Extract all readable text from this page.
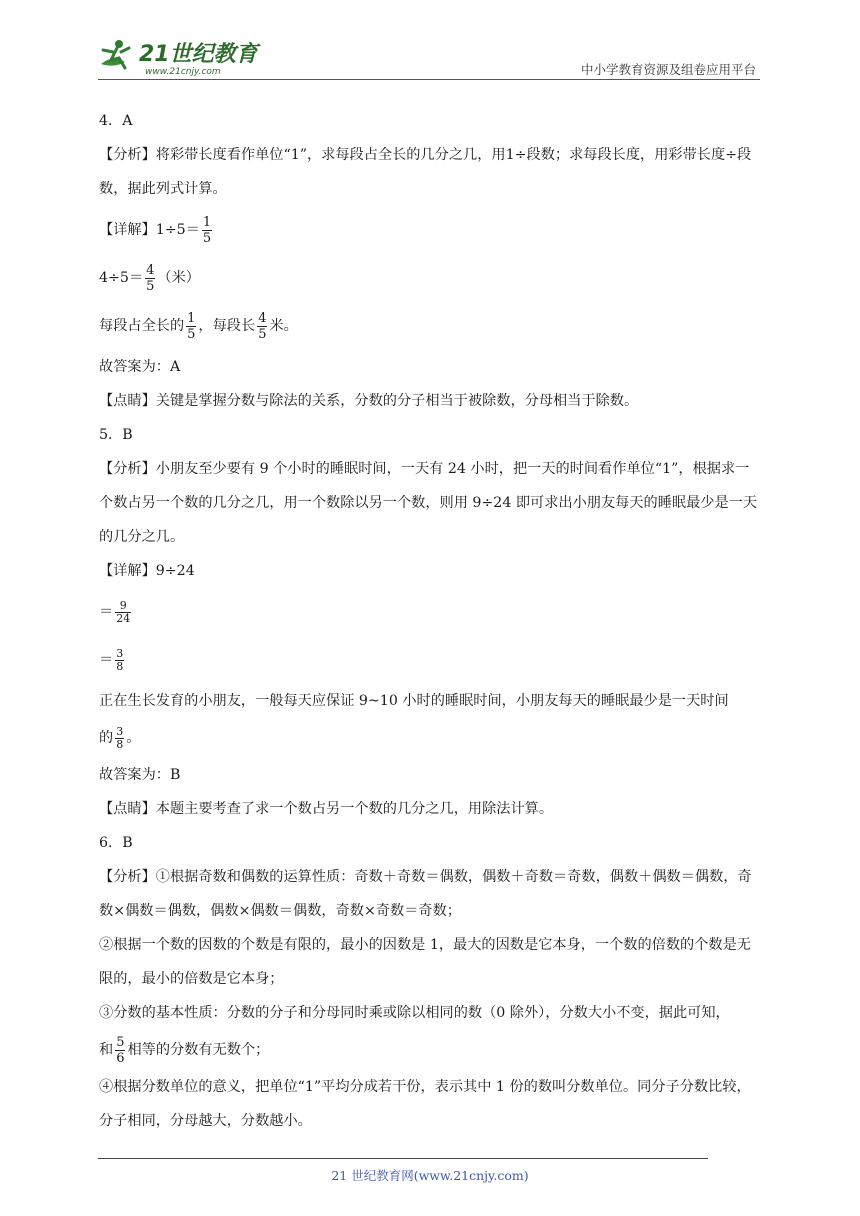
21世纪教育
www.21cnjy.com	中小学教育资源及组卷应用平台
4．A
【分析】将彩带长度看作单位“1”，求每段占全长的几分之几，用1÷段数；求每段长度，用彩带长度÷段数，据此列式计算。
【详解】$1\div 5= \frac{1}{5}$
$4\div 5= \frac{4}{5}$ （米）
每段占全长的 $\frac{1}{5}$ ，每段长 $\frac{4}{5}$ 米。
故答案为：A
【点睛】关键是掌握分数与除法的关系，分数的分子相当于被除数，分母相当于除数。
5．B
【分析】小朋友至少要有 9 个小时的睡眠时间，一天有 24 小时，把一天的时间看作单位“1”，根据求一个数占另一个数的几分之几，用一个数除以另一个数，则用 9÷24 即可求出小朋友每天的睡眠最少是一天的几分之几。
【详解】9÷24
＝ $\frac{9}{24}$
＝ $\frac{3}{8}$
正在生长发育的小朋友，一般每天应保证 9~10 小时的睡眠时间，小朋友每天的睡眠最少是一天时间
的 $\frac{3}{8}$ 。
故答案为：B
【点睛】本题主要考查了求一个数占另一个数的几分之几，用除法计算。
6．B
【分析】①根据奇数和偶数的运算性质：奇数＋奇数＝偶数，偶数＋奇数＝奇数，偶数＋偶数＝偶数，奇数×偶数＝偶数，偶数×偶数＝偶数，奇数×奇数＝奇数；
②根据一个数的因数的个数是有限的，最小的因数是 1，最大的因数是它本身，一个数的倍数的个数是无限的，最小的倍数是它本身；
③分数的基本性质：分数的分子和分母同时乘或除以相同的数（0 除外），分数大小不变，据此可知，
和 $\frac{5}{6}$ 相等的分数有无数个；
④根据分数单位的意义，把单位“1”平均分成若干份，表示其中 1 份的数叫分数单位。同分子分数比较，分子相同，分母越大，分数越小。
21 世纪教育网(www.21cnjy.com)
